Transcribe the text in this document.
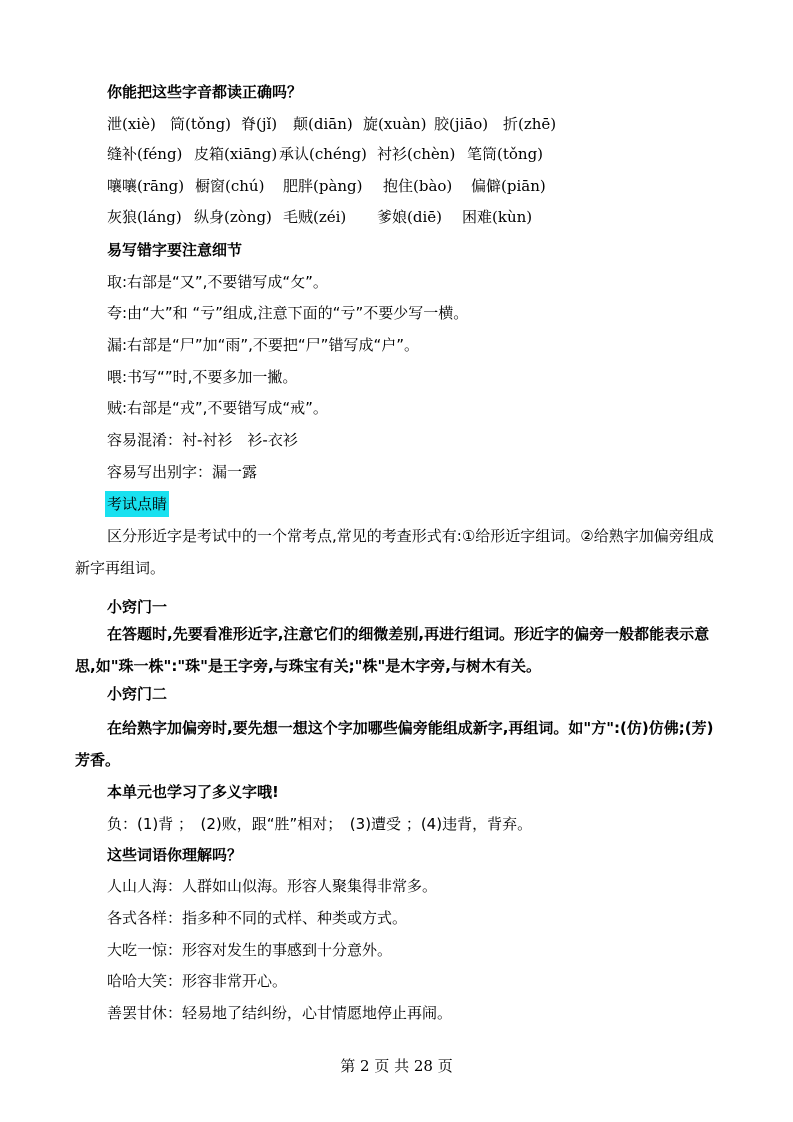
你能把这些字音都读正确吗？
泄(xiè) 筒(tǒng) 脊(jǐ) 颠(diān) 旋(xuàn) 胶(jiāo) 折(zhē)
缝补(féng) 皮箱(xiāng) 承认(chéng) 衬衫(chèn) 笔筒(tǒng)
嚷嚷(rāng) 橱窗(chú) 肥胖(pàng) 抱住(bào) 偏僻(piān)
灰狼(láng) 纵身(zòng) 毛贼(zéi) 爹娘(diē) 困难(kùn)
易写错字要注意细节
取:右部是“又”,不要错写成“攵”。
夸:由“大”和 “亏”组成,注意下面的“亏”不要少写一横。
漏:右部是“尸”加“雨”,不要把“尸”错写成“户”。
喂:书写“”时,不要多加一撇。
贼:右部是“戎”,不要错写成“戒”。
容易混淆：衬-衬衫　衫-衣衫
容易写出别字：漏一露
考试点睛
区分形近字是考试中的一个常考点,常见的考查形式有:①给形近字组词。②给熟字加偏旁组成新字再组词。
小窍门一
在答题时,先要看准形近字,注意它们的细微差别,再进行组词。形近字的偏旁一般都能表示意思,如"珠一株":"珠"是王字旁,与珠宝有关;"株"是木字旁,与树木有关。
小窍门二
在给熟字加偏旁时,要先想一想这个字加哪些偏旁能组成新字,再组词。如"方":(仿)仿佛;(芳)芳香。
本单元也学习了多义字哦!
负：(1)背 ；　(2)败，跟“胜”相对；　(3)遭受 ；(4)违背，背弃。
这些词语你理解吗？
人山人海：人群如山似海。形容人聚集得非常多。
各式各样：指多种不同的式样、种类或方式。
大吃一惊：形容对发生的事感到十分意外。
哈哈大笑：形容非常开心。
善罢甘休：轻易地了结纠纷，心甘情愿地停止再闹。
第 2 页 共 28 页
